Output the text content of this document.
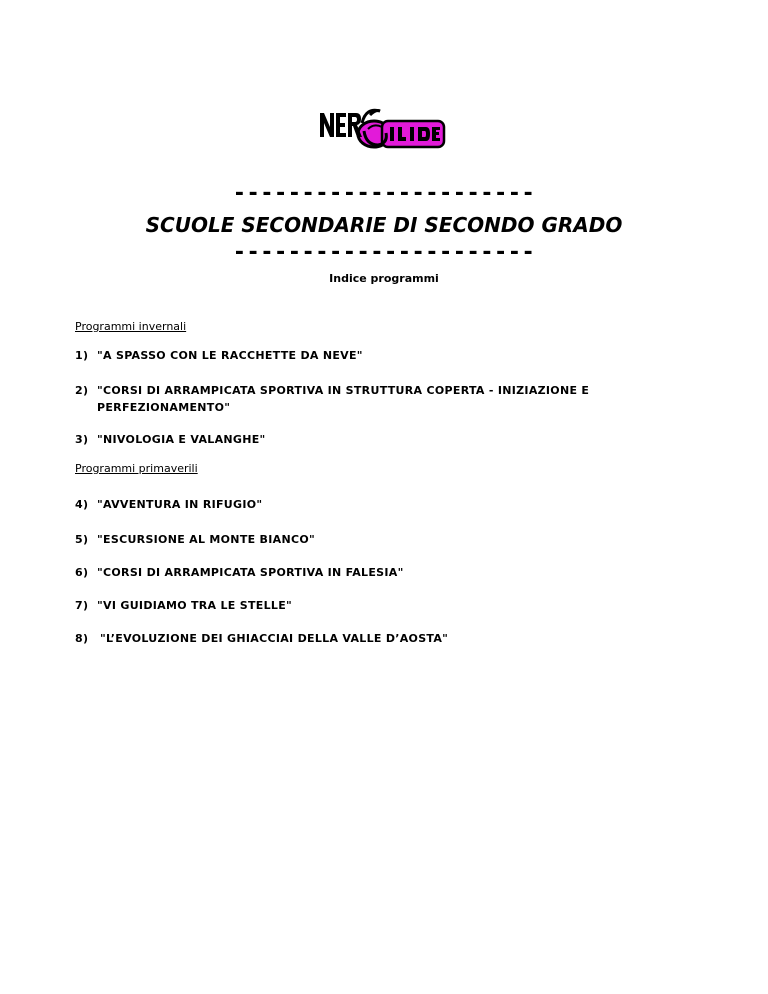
----------------------
SCUOLE SECONDARIE DI SECONDO GRADO
----------------------
Indice programmi
Programmi invernali
1) "A SPASSO CON LE RACCHETTE DA NEVE"
2) "CORSI DI ARRAMPICATA SPORTIVA IN STRUTTURA COPERTA - INIZIAZIONE E PERFEZIONAMENTO"
3) "NIVOLOGIA E VALANGHE"
Programmi primaverili
4) "AVVENTURA IN RIFUGIO"
5) "ESCURSIONE AL MONTE BIANCO"
6) "CORSI DI ARRAMPICATA SPORTIVA IN FALESIA"
7) "VI GUIDIAMO TRA LE STELLE"
8)	"L’EVOLUZIONE DEI GHIACCIAI DELLA VALLE D’AOSTA"
